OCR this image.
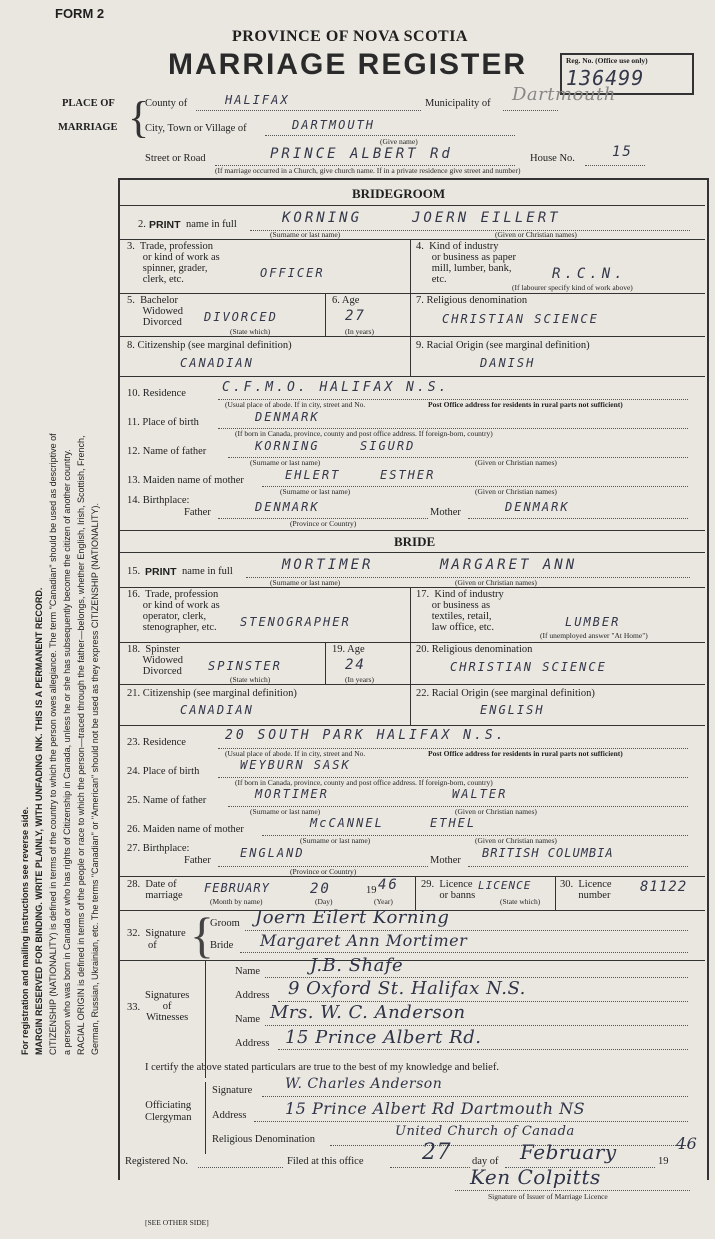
For registration and mailing instructions see reverse side. MARGIN RESERVED FOR BINDING. WRITE PLAINLY, WITH UNFADING INK. THIS IS A PERMANENT RECORD. CITIZENSHIP (NATIONALITY) is defined in terms of the country to which the person owes allegiance. The term "Canadian" should be used as descriptive of a person who was born in Canada or who has rights of Citizenship in Canada, unless he or she has subsequently become the citizen of another country. RACIAL ORIGIN is defined in terms of the people or race to which the person—traced through the father—belongs, whether English, Irish, Scottish, French, German, Russian, Ukrainian, etc. The terms "Canadian" or "American" should not be used as they express CITIZENSHIP (NATIONALITY).
FORM 2
PROVINCE OF NOVA SCOTIA
MARRIAGE REGISTER	Reg. No. (Office use only)
136499
PLACE OF
MARRIAGE {
County of	HALIFAX	Municipality of Dartmouth
City, Town or Village of	DARTMOUTH
(Give name)
Street or Road	PRINCE ALBERT Rd	House No.	15
(If marriage occurred in a Church, give church name. If in a private residence give street and number)
BRIDEGROOM
2. PRINT name in full	KORNING	JOERN EILLERT
(Surname or last name)	(Given or Christian names)
3.  Trade, profession
or kind of work as
spinner, grader,
clerk, etc.	OFFICER
4.  Kind of industry
or business as paper
mill, lumber, bank,
etc.	R.C.N.
(If labourer specify kind of work above)
5.  Bachelor
Widowed
Divorced DIVORCED
(State which)
6. Age
27
(In years)
7. Religious denomination
CHRISTIAN SCIENCE
8. Citizenship (see marginal definition)
CANADIAN
9. Racial Origin (see marginal definition)
DANISH
10. Residence	C.F.M.O. HALIFAX N.S.
(Usual place of abode. If in city, street and No.	Post Office address for residents in rural parts not sufficient)
11. Place of birth	DENMARK
(If born in Canada, province, county and post office address. If foreign-born, country)
12. Name of father	KORNING	SIGURD
(Surname or last name)	(Given or Christian names)
13. Maiden name of mother	EHLERT	ESTHER
(Surname or last name)	(Given or Christian names)
14. Birthplace:
Father	DENMARK	Mother	DENMARK
(Province or Country)
BRIDE
15. PRINT name in full	MORTIMER	MARGARET ANN
(Surname or last name)	(Given or Christian names)
16.  Trade, profession
or kind of work as
operator, clerk,
stenographer, etc. STENOGRAPHER
17.  Kind of industry
or business as
textiles, retail,
law office, etc.	LUMBER
(If unemployed answer "At Home")
18.  Spinster
Widowed
Divorced SPINSTER
(State which)
19. Age
24
(In years)
20. Religious denomination
CHRISTIAN SCIENCE
21. Citizenship (see marginal definition)
CANADIAN
22. Racial Origin (see marginal definition)
ENGLISH
23. Residence	20 SOUTH PARK HALIFAX N.S.
(Usual place of abode. If in city, street and No.	Post Office address for residents in rural parts not sufficient)
24. Place of birth	WEYBURN SASK
(If born in Canada, province, county and post office address. If foreign-born, country)
25. Name of father	MORTIMER	WALTER
(Surname or last name)	(Given or Christian names)
26. Maiden name of mother	McCANNEL	ETHEL
(Surname or last name)	(Given or Christian names)
27. Birthplace:
Father
ENGLAND
Mother
BRITISH COLUMBIA
(Province or Country)
28.  Date of
marriage
FEBRUARY	20	19 46
(Month by name)	(Day)	(Year)
29.  Licence
or banns
LICENCE
(State which)
30.  Licence
number
81122
32.  Signature
of {
Groom Joern Eilert Korning
Bride Margaret Ann Mortimer
33.
Signatures
of
Witnesses
Name	J.B. Shafe
Address 9 Oxford St. Halifax N.S.
Name Mrs. W. C. Anderson
Address 15 Prince Albert Rd.
I certify the above stated particulars are true to the best of my knowledge and belief.
Officiating
Clergyman
Signature W. Charles Anderson
Address 15 Prince Albert Rd Dartmouth NS
Religious Denomination
United Church of Canada
Registered No.	Filed at this office	27 day of February	19
46
Ken Colpitts
Signature of Issuer of Marriage Licence
[SEE OTHER SIDE]
